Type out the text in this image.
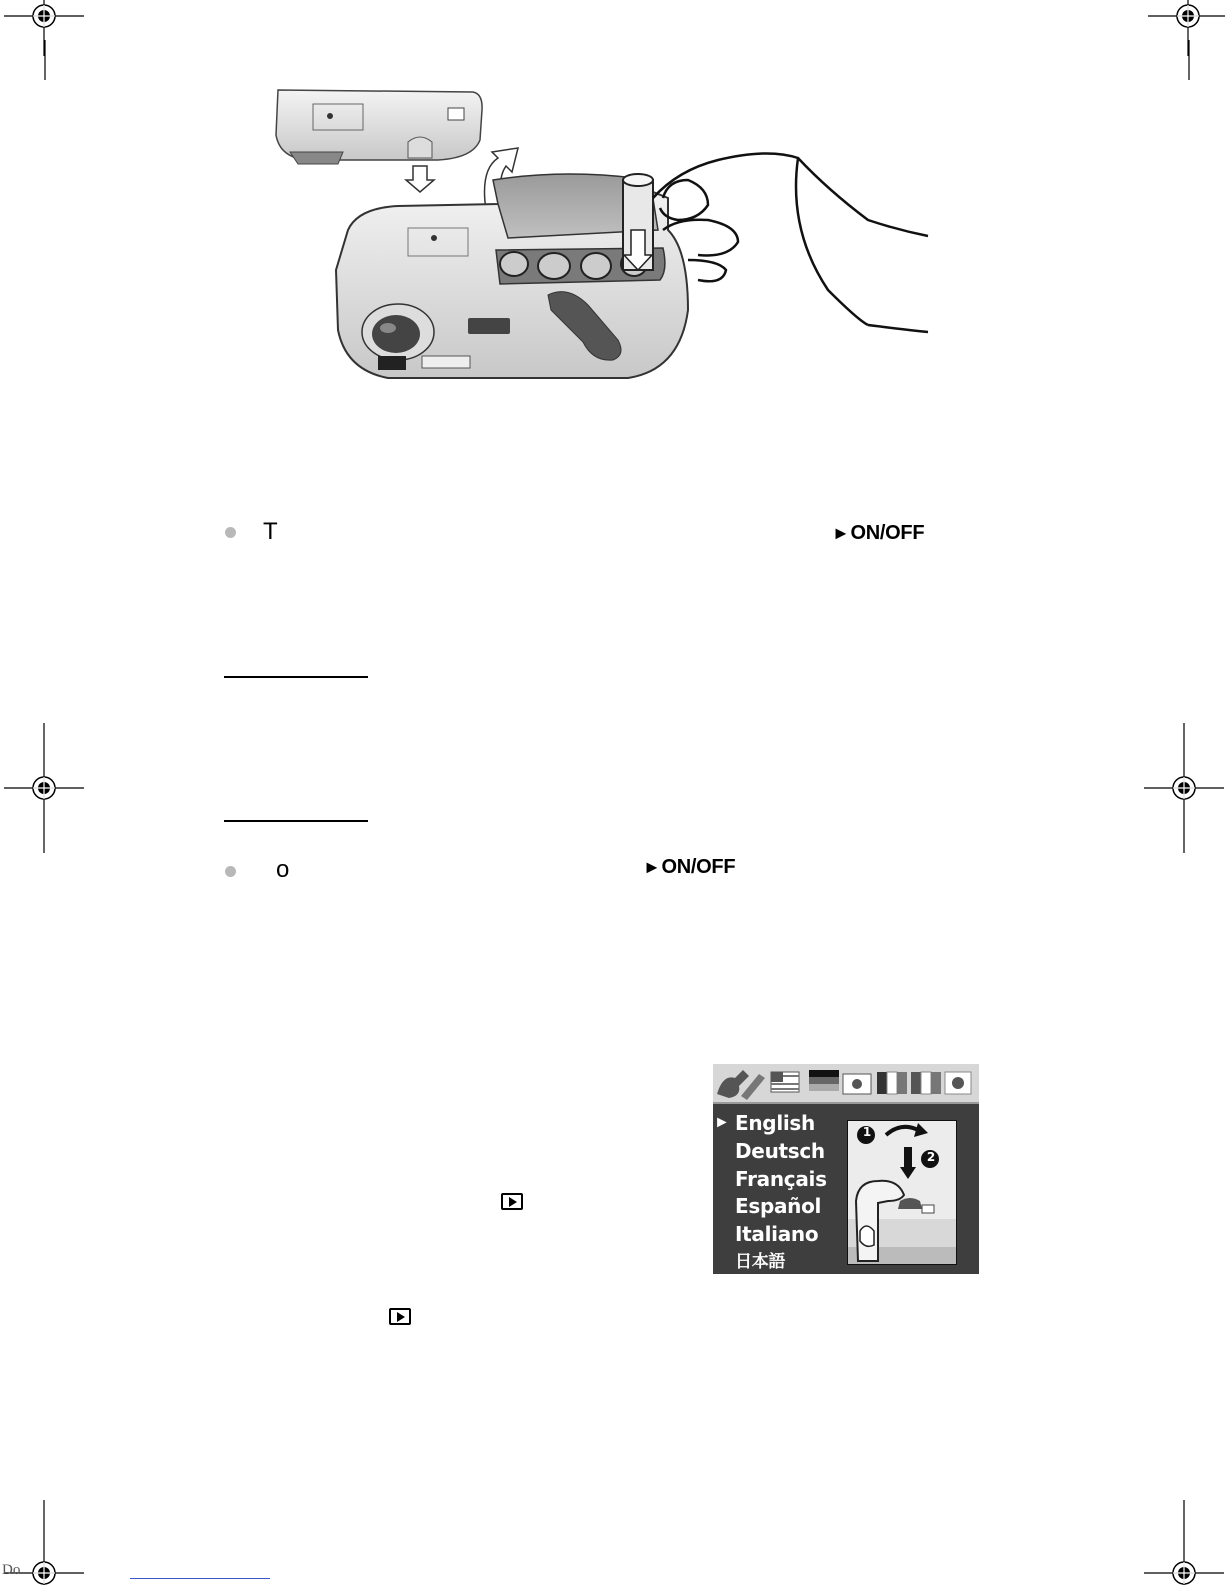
T	►ON/OFF
o	►ON/OFF
► English
Deutsch
Français
Español
Italiano
日本語
1
2
Do
